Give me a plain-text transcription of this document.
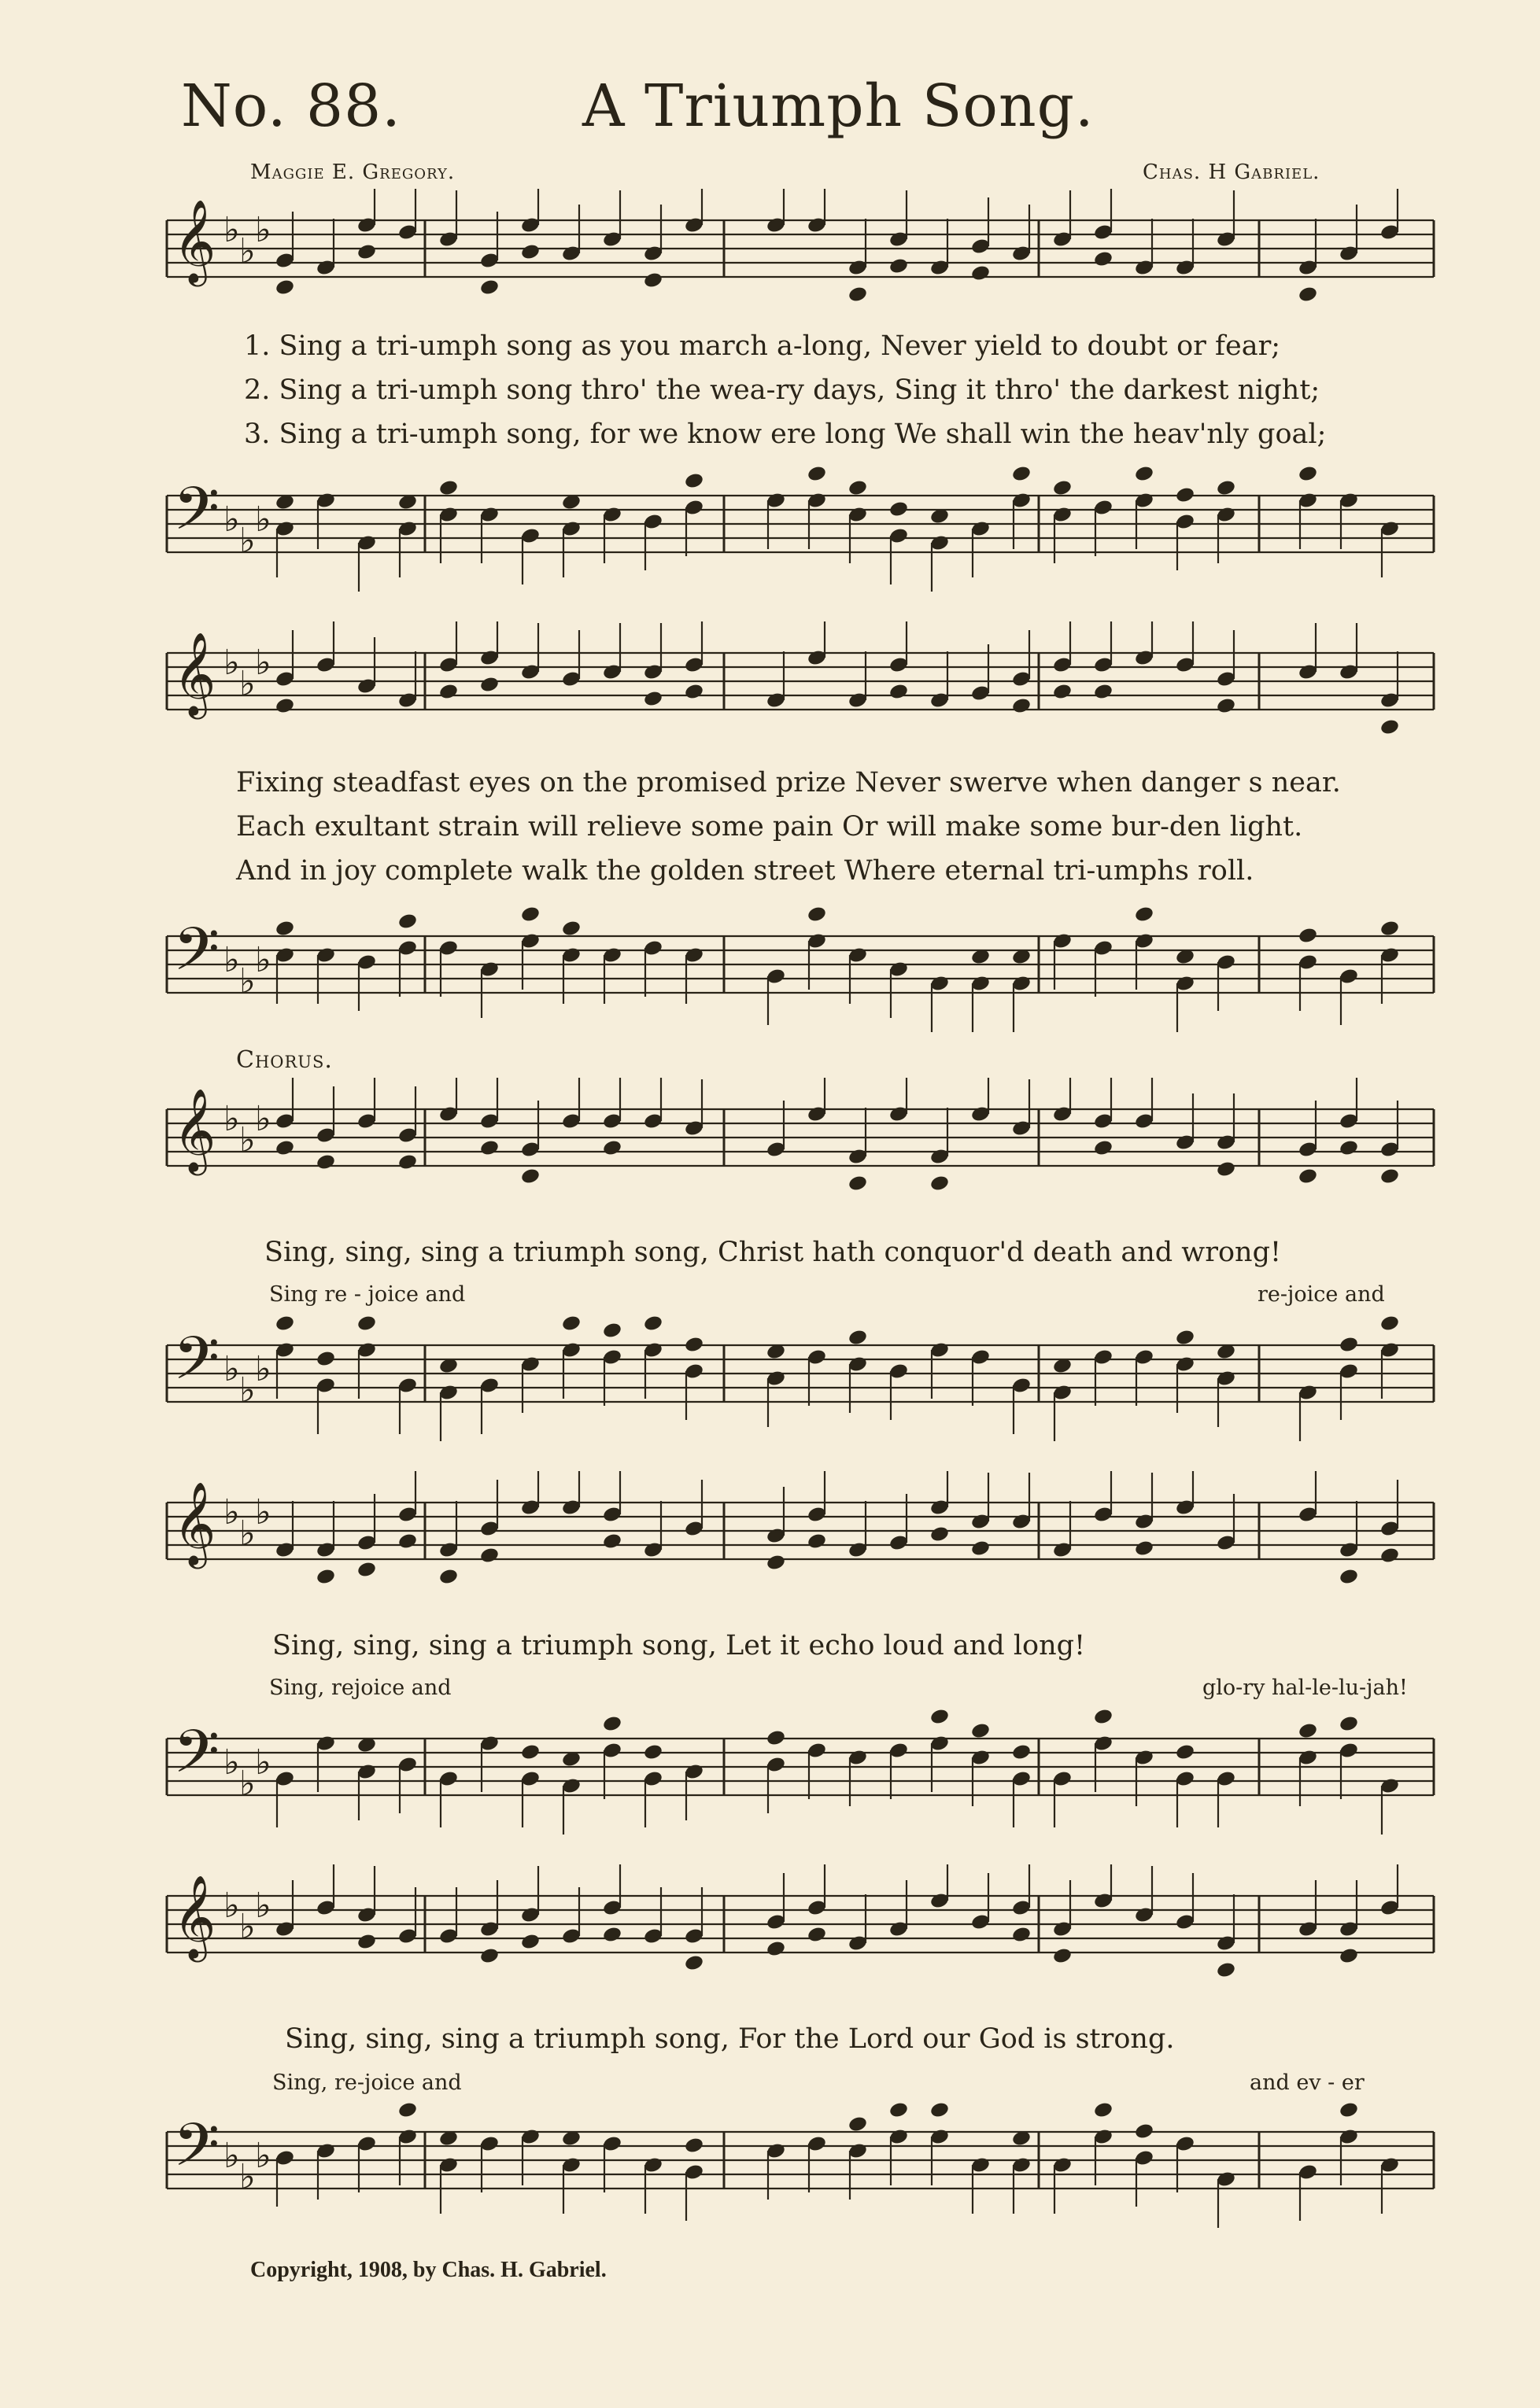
No. 88.	A Triumph Song.
Maggie E. Gregory.	Chas. H Gabriel.
𝄞 ♭
♭
♭
𝄢 ♭
♭
♭
𝄞 ♭
♭
♭
𝄢 ♭
♭
♭
𝄞 ♭
♭
♭
𝄢 ♭
♭
♭
𝄞 ♭
♭
♭
𝄢 ♭
♭
♭
𝄞 ♭
♭
♭
𝄢 ♭
♭
♭
1. Sing a tri-umph song as you march a-long, Never yield to doubt or fear;
2. Sing a tri-umph song thro' the wea-ry days, Sing it thro' the darkest night;
3. Sing a tri-umph song, for we know ere long We shall win the heav'nly goal;
Fixing steadfast eyes on the promised prize Never swerve when danger s near.
Each exultant strain will relieve some pain Or will make some bur-den light.
And in joy complete walk the golden street Where eternal tri-umphs roll.
Chorus.
Sing, sing, sing a triumph song, Christ hath conquor'd death and wrong!
Sing re - joice and	re-joice and
Sing, sing, sing a triumph song, Let it echo loud and long!
Sing, rejoice and	glo-ry hal-le-lu-jah!
Sing, sing, sing a triumph song, For the Lord our God is strong.
Sing, re-joice and	and ev - er
Copyright, 1908, by Chas. H. Gabriel.
